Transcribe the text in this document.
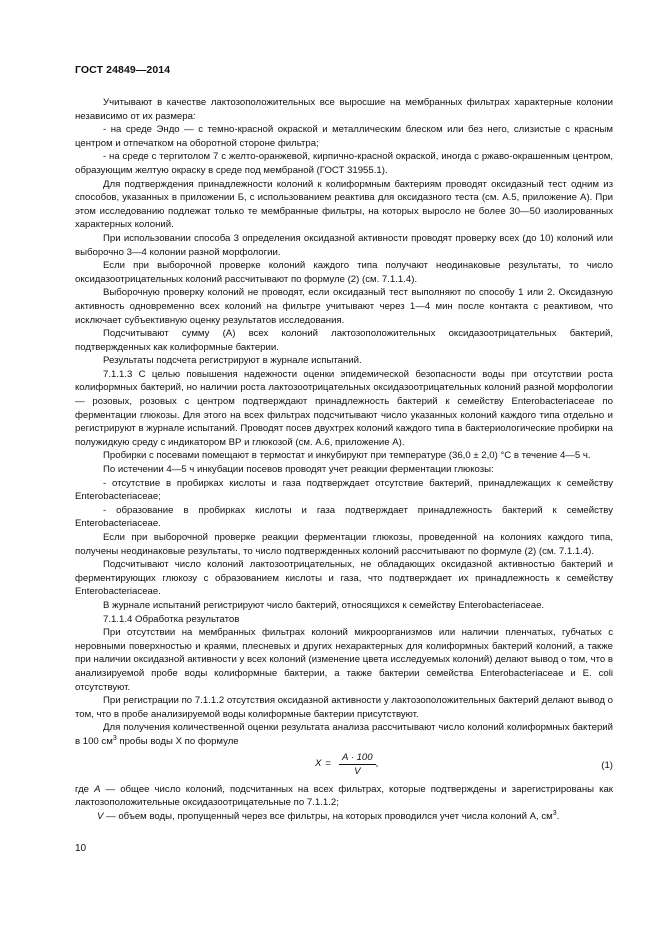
ГОСТ 24849—2014

Учитывают в качестве лактозоположительных все выросшие на мембранных фильтрах характерные колонии независимо от их размера:

- на среде Эндо — с темно-красной окраской и металлическим блеском или без него, слизистые с красным центром и отпечатком на оборотной стороне фильтра;

- на среде с тергитолом 7 с желто-оранжевой, кирпично-красной окраской, иногда с ржаво-окрашенным центром, образующим желтую окраску в среде под мембраной (ГОСТ 31955.1).

Для подтверждения принадлежности колоний к колиформным бактериям проводят оксидазный тест одним из способов, указанных в приложении Б, с использованием реактива для оксидазного теста (см. А.5, приложение А). При этом исследованию подлежат только те мембранные фильтры, на которых выросло не более 30—50 изолированных характерных колоний.

При использовании способа 3 определения оксидазной активности проводят проверку всех (до 10) колоний или выборочно 3—4 колонии разной морфологии.

Если при выборочной проверке колоний каждого типа получают неодинаковые результаты, то число оксидазоотрицательных колоний рассчитывают по формуле (2) (см. 7.1.1.4).

Выборочную проверку колоний не проводят, если оксидазный тест выполняют по способу 1 или 2. Оксидазную активность одновременно всех колоний на фильтре учитывают через 1—4 мин после контакта с реактивом, что исключает субъективную оценку результатов исследования.

Подсчитывают сумму (А) всех колоний лактозоположительных оксидазоотрицательных бактерий, подтвержденных как колиформные бактерии.

Результаты подсчета регистрируют в журнале испытаний.

7.1.1.3 С целью повышения надежности оценки эпидемической безопасности воды при отсутствии роста колиформных бактерий, но наличии роста лактозоотрицательных оксидазоотрицательных колоний разной морфологии — розовых, розовых с центром подтверждают принадлежность бактерий к семейству Enterobacteriaceae по ферментации глюкозы. Для этого на всех фильтрах подсчитывают число указанных колоний каждого типа отдельно и регистрируют в журнале испытаний. Проводят посев двухтрех колоний каждого типа в бактериологические пробирки на полужидкую среду с индикатором ВР и глюкозой (см. А.6, приложение А).

Пробирки с посевами помещают в термостат и инкубируют при температуре (36,0 ± 2,0) °С в течение 4—5 ч.

По истечении 4—5 ч инкубации посевов проводят учет реакции ферментации глюкозы:

- отсутствие в пробирках кислоты и газа подтверждает отсутствие бактерий, принадлежащих к семейству Enterobacteriaceae;

- образование в пробирках кислоты и газа подтверждает принадлежность бактерий к семейству Enterobacteriaceae.

Если при выборочной проверке реакции ферментации глюкозы, проведенной на колониях каждого типа, получены неодинаковые результаты, то число подтвержденных колоний рассчитывают по формуле (2) (см. 7.1.1.4).

Подсчитывают число колоний лактозоотрицательных, не обладающих оксидазной активностью бактерий и ферментирующих глюкозу с образованием кислоты и газа, что подтверждает их принадлежность к семейству Enterobacteriaceae.

В журнале испытаний регистрируют число бактерий, относящихся к семейству Enterobacteriaceae.

7.1.1.4 Обработка результатов

При отсутствии на мембранных фильтрах колоний микроорганизмов или наличии пленчатых, губчатых с неровными поверхностью и краями, плесневых и других нехарактерных для колиформных бактерий колоний, а также при наличии оксидазной активности у всех колоний (изменение цвета исследуемых колоний) делают вывод о том, что в анализируемой пробе воды колиформные бактерии, а также бактерии семейства Enterobacteriaceae и E. coli отсутствуют.

При регистрации по 7.1.1.2 отсутствия оксидазной активности у лактозоположительных бактерий делают вывод о том, что в пробе анализируемой воды колиформные бактерии присутствуют.

Для получения количественной оценки результата анализа рассчитывают число колоний колиформных бактерий в 100 $см^3$ пробы воды X по формуле

$X = \frac{A \cdot 100}{V}$ ,	(1)
где A — общее число колоний, подсчитанных на всех фильтрах, которые подтверждены и зарегистрированы как лактозоположительные оксидазоотрицательные по 7.1.1.2;
V — объем воды, пропущенный через все фильтры, на которых проводился учет числа колоний А, $см^3$.
10
